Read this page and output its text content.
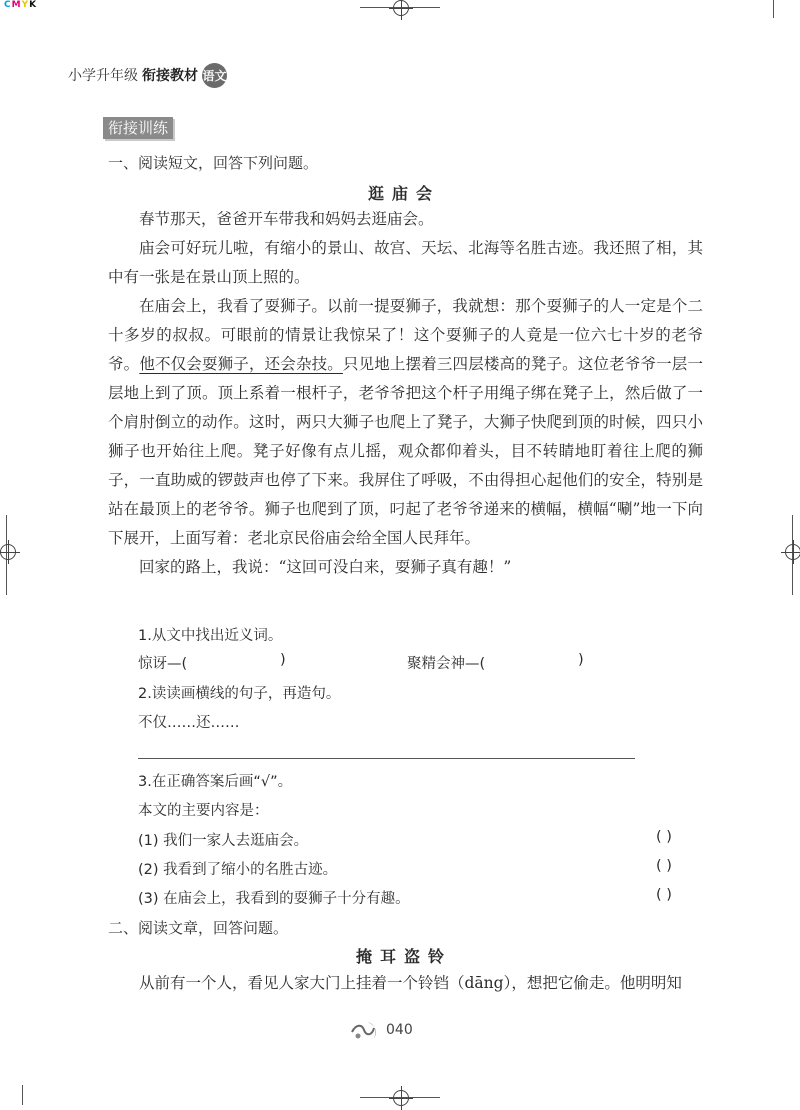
CMYK
小学升年级 衔接教材 语文
衔接训练
一、阅读短文，回答下列问题。
逛庙会

春节那天，爸爸开车带我和妈妈去逛庙会。

庙会可好玩儿啦，有缩小的景山、故宫、天坛、北海等名胜古迹。我还照了相，其中有一张是在景山顶上照的。

在庙会上，我看了耍狮子。以前一提耍狮子，我就想：那个耍狮子的人一定是个二十多岁的叔叔。可眼前的情景让我惊呆了！这个耍狮子的人竟是一位六七十岁的老爷爷。他不仅会耍狮子，还会杂技。只见地上摆着三四层楼高的凳子。这位老爷爷一层一层地上到了顶。顶上系着一根杆子，老爷爷把这个杆子用绳子绑在凳子上，然后做了一个肩肘倒立的动作。这时，两只大狮子也爬上了凳子，大狮子快爬到顶的时候，四只小狮子也开始往上爬。凳子好像有点儿摇，观众都仰着头，目不转睛地盯着往上爬的狮子，一直助威的锣鼓声也停了下来。我屏住了呼吸，不由得担心起他们的安全，特别是站在最顶上的老爷爷。狮子也爬到了顶，叼起了老爷爷递来的横幅，横幅“唰”地一下向下展开，上面写着：老北京民俗庙会给全国人民拜年。

回家的路上，我说：“这回可没白来，耍狮子真有趣！”

1.从文中找出近义词。
惊讶—(	)	聚精会神—(	)
2.读读画横线的句子，再造句。
不仅……还……
3.在正确答案后画“√”。
本文的主要内容是：
(1) 我们一家人去逛庙会。	( )
(2) 我看到了缩小的名胜古迹。	( )
(3) 在庙会上，我看到的耍狮子十分有趣。	( )
二、阅读文章，回答问题。
掩耳盗铃

从前有一个人，看见人家大门上挂着一个铃铛（dāng），想把它偷走。他明明知

040
